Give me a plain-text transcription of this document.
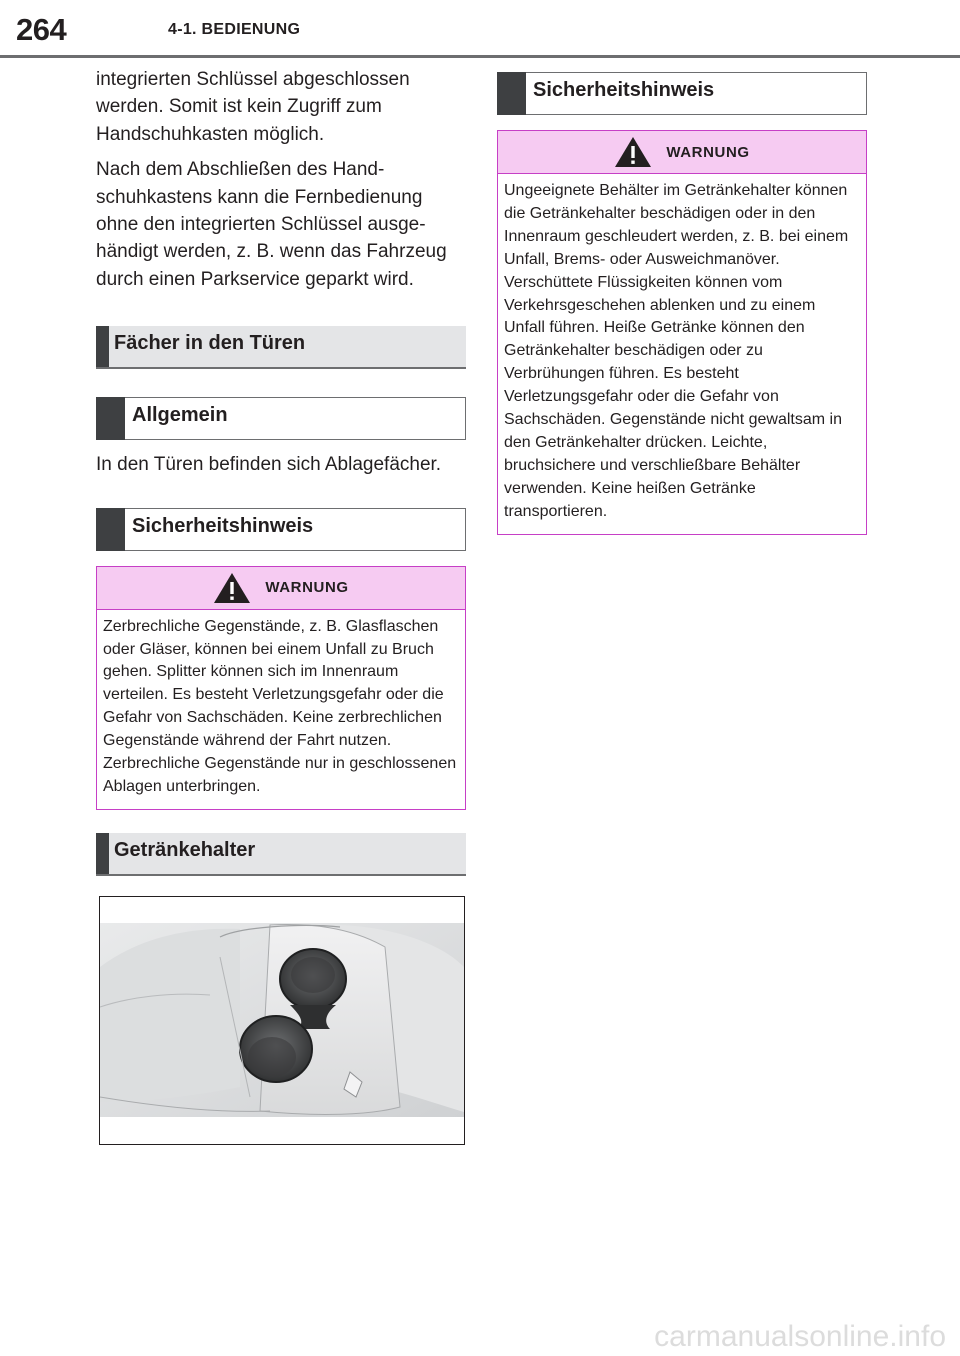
264	4-1. BEDIENUNG

integrierten Schlüssel abgeschlossen werden. Somit ist kein Zugriff zum Handschuhkasten möglich.

Nach dem Abschließen des Handschuhkastens kann die Fernbedienung ohne den integrierten Schlüssel ausgehändigt werden, z. B. wenn das Fahrzeug durch einen Parkservice geparkt wird.

Fächer in den Türen
Allgemein

In den Türen befinden sich Ablagefächer.

Sicherheitshinweis
WARNUNG
Zerbrechliche Gegenstände, z. B. Glasflaschen oder Gläser, können bei einem Unfall zu Bruch gehen. Splitter können sich im Innenraum verteilen. Es besteht Verletzungsgefahr oder die Gefahr von Sachschäden. Keine zerbrechlichen Gegenstände während der Fahrt nutzen. Zerbrechliche Gegenstände nur in geschlossenen Ablagen unterbringen.
Getränkehalter
Sicherheitshinweis
WARNUNG
Ungeeignete Behälter im Getränkehalter können die Getränkehalter beschädigen oder in den Innenraum geschleudert werden, z. B. bei einem Unfall, Brems- oder Ausweichmanöver. Verschüttete Flüssigkeiten können vom Verkehrsgeschehen ablenken und zu einem Unfall führen. Heiße Getränke können den Getränkehalter beschädigen oder zu Verbrühungen führen. Es besteht Verletzungsgefahr oder die Gefahr von Sachschäden. Gegenstände nicht gewaltsam in den Getränkehalter drücken. Leichte, bruchsichere und verschließbare Behälter verwenden. Keine heißen Getränke transportieren.
carmanualsonline.info
